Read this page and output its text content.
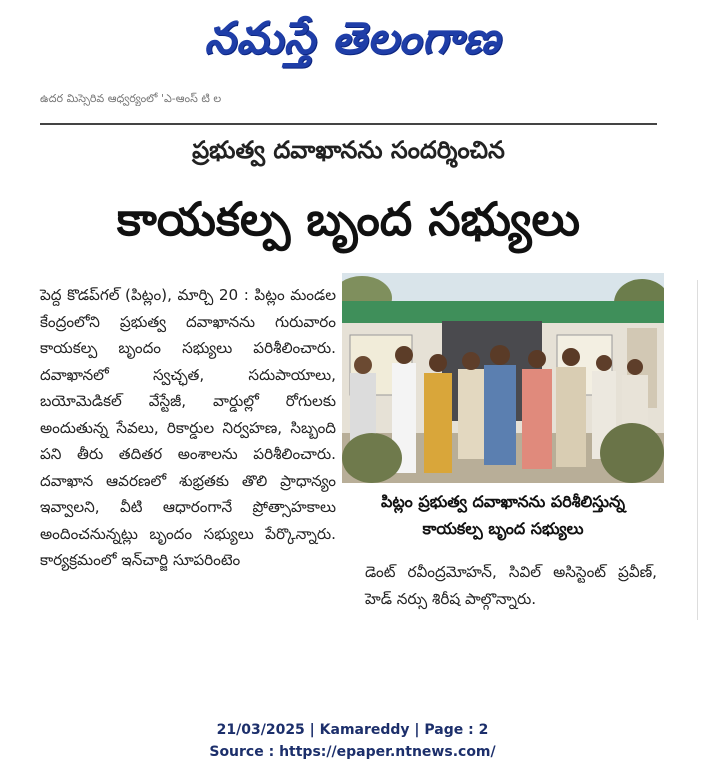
నమస్తే తెలంగాణ
ఉదర మిస్సెరివ ఆధ్వర్యంలో 'ఎ-ఆంస్ టి ల
ప్రభుత్వ దవాఖానను సందర్శించిన
కాయకల్ప బృంద సభ్యులు

పెద్ద కొడప్‌గల్ (పిట్లం), మార్చి 20 : పిట్లం మండల కేంద్రంలోని ప్రభుత్వ దవాఖానను గురువారం కాయకల్ప బృందం సభ్యులు పరిశీలించారు. దవాఖానలో స్వచ్ఛత, సదుపాయాలు, బయోమెడికల్ వేస్టేజీ, వార్డుల్లో రోగులకు అందుతున్న సేవలు, రికార్డుల నిర్వహణ, సిబ్బంది పని తీరు తదితర అంశాలను పరిశీలించారు. దవాఖాన ఆవరణలో శుభ్రతకు తొలి ప్రాధాన్యం ఇవ్వాలని, వీటి ఆధారంగానే ప్రోత్సాహకాలు అందించనున్నట్లు బృందం సభ్యులు పేర్కొన్నారు. కార్యక్రమంలో ఇన్‌చార్జి సూపరింటెం

పిట్లం ప్రభుత్వ దవాఖానను పరిశీలిస్తున్న
కాయకల్ప బృంద సభ్యులు

డెంట్ రవీంద్రమోహన్, సివిల్ అసిస్టెంట్ ప్రవీణ్, హెడ్ నర్సు శిరీష పాల్గొన్నారు.

21/03/2025 | Kamareddy | Page : 2
Source : https://epaper.ntnews.com/
